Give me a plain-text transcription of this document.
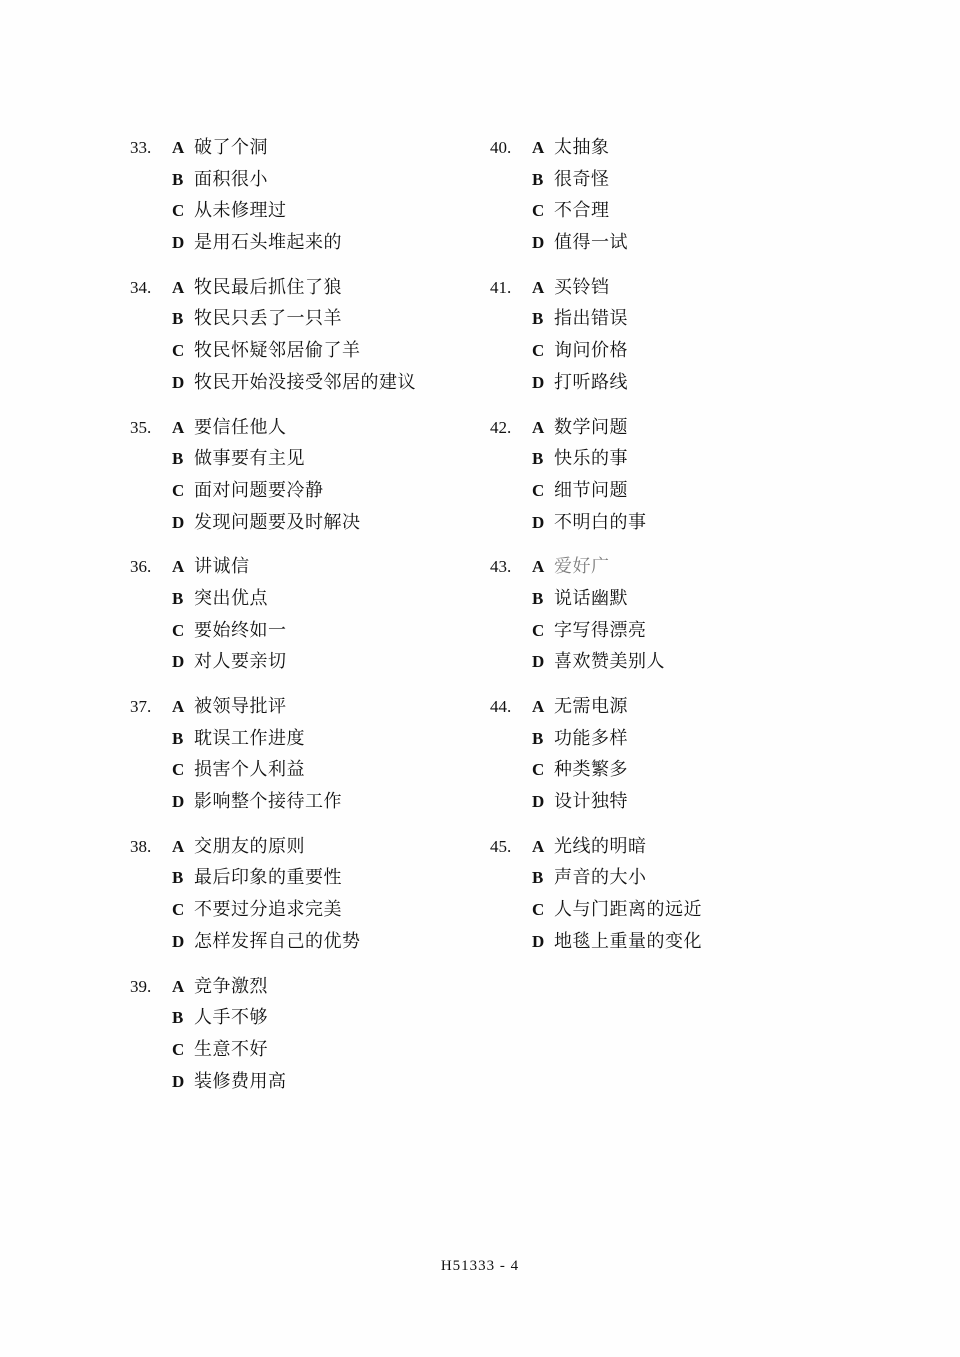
33.	A 破了个洞
B 面积很小
C 从未修理过
D 是用石头堆起来的
34.	A 牧民最后抓住了狼
B 牧民只丢了一只羊
C 牧民怀疑邻居偷了羊
D 牧民开始没接受邻居的建议
35.	A 要信任他人
B 做事要有主见
C 面对问题要冷静
D 发现问题要及时解决
36.	A 讲诚信
B 突出优点
C 要始终如一
D 对人要亲切
37.	A 被领导批评
B 耽误工作进度
C 损害个人利益
D 影响整个接待工作
38.	A 交朋友的原则
B 最后印象的重要性
C 不要过分追求完美
D 怎样发挥自己的优势
39.	A 竞争激烈
B 人手不够
C 生意不好
D 装修费用高
40.	A 太抽象
B 很奇怪
C 不合理
D 值得一试
41.	A 买铃铛
B 指出错误
C 询问价格
D 打听路线
42.	A 数学问题
B 快乐的事
C 细节问题
D 不明白的事
43.	A 爱好广
B 说话幽默
C 字写得漂亮
D 喜欢赞美别人
44.	A 无需电源
B 功能多样
C 种类繁多
D 设计独特
45.	A 光线的明暗
B 声音的大小
C 人与门距离的远近
D 地毯上重量的变化
H51333 - 4
